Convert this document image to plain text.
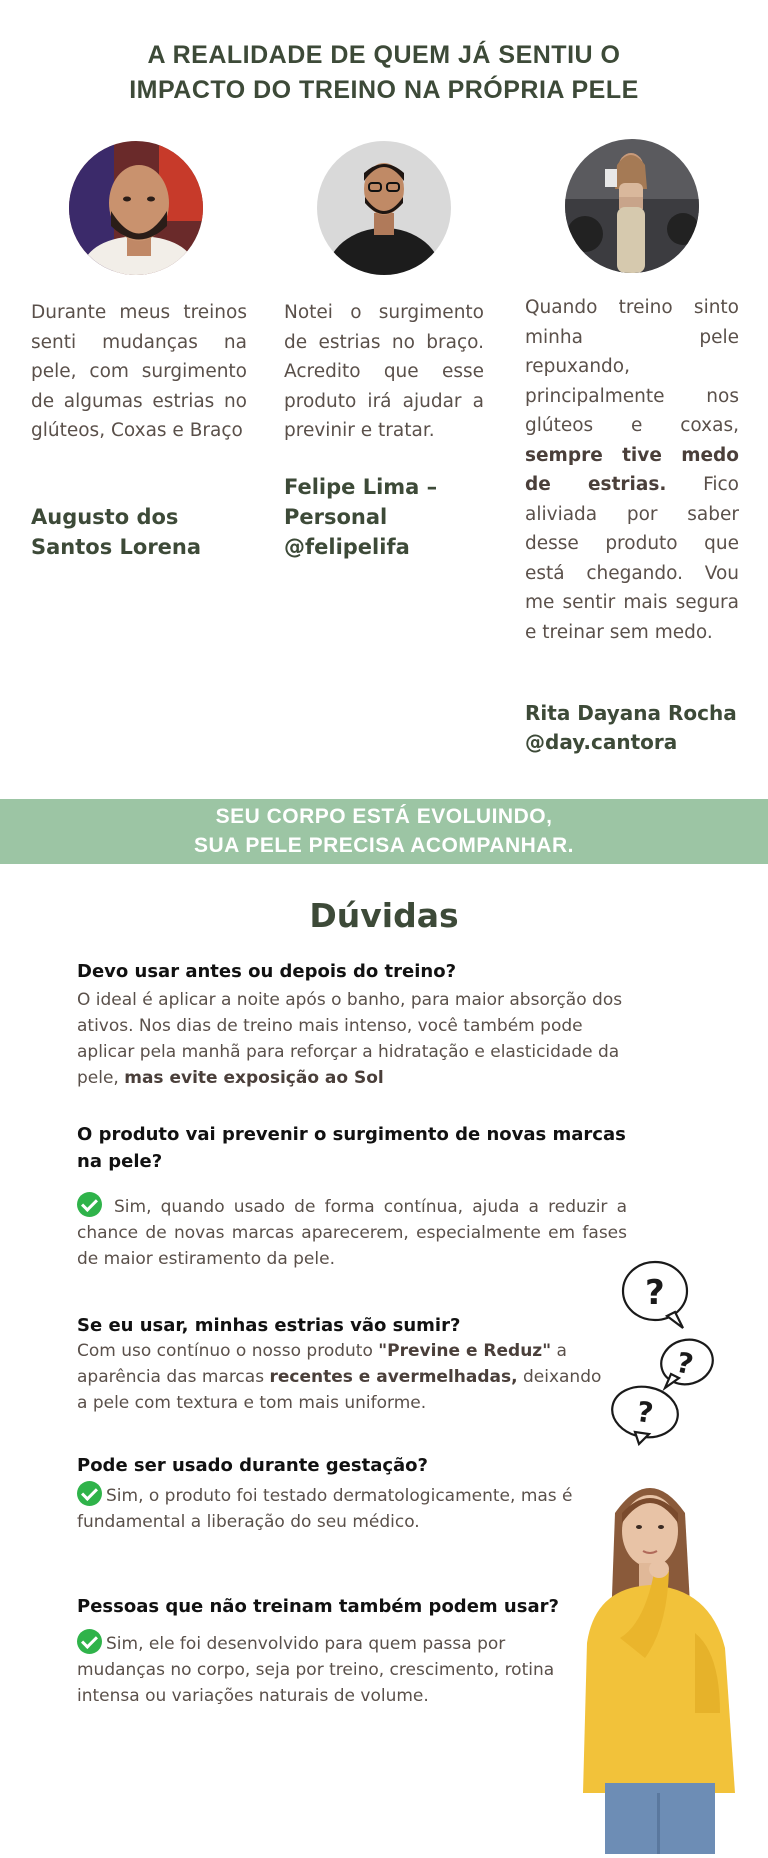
A REALIDADE DE QUEM JÁ SENTIU O
IMPACTO DO TREINO NA PRÓPRIA PELE
Durante meus treinos senti mudanças na pele, com surgimento de algumas estrias no glúteos, Coxas e Braço
Augusto dos
Santos Lorena
Notei o surgimento de estrias no braço. Acredito que esse produto irá ajudar a previnir e tratar.
Felipe Lima –
Personal
@felipelifa
Quando treino sinto minha pele repuxando, principalmente nos glúteos e coxas, sempre tive medo de estrias. Fico aliviada por saber desse produto que está chegando. Vou me sentir mais segura e treinar sem medo.
Rita Dayana Rocha
@day.cantora
SEU CORPO ESTÁ EVOLUINDO,
SUA PELE PRECISA ACOMPANHAR.
Dúvidas
Devo usar antes ou depois do treino?
O ideal é aplicar a noite após o banho, para maior absorção dos ativos. Nos dias de treino mais intenso, você também pode aplicar pela manhã para reforçar a hidratação e elasticidade da pele, mas evite exposição ao Sol
O produto vai prevenir o surgimento de novas marcas na pele?
Sim, quando usado de forma contínua, ajuda a reduzir a chance de novas marcas aparecerem, especialmente em fases de maior estiramento da pele.
Se eu usar, minhas estrias vão sumir?
Com uso contínuo o nosso produto "Previne e Reduz" a aparência das marcas recentes e avermelhadas, deixando a pele com textura e tom mais uniforme.
Pode ser usado durante gestação?
Sim, o produto foi testado dermatologicamente, mas é fundamental a liberação do seu médico.
Pessoas que não treinam também podem usar?
Sim, ele foi desenvolvido para quem passa por mudanças no corpo, seja por treino, crescimento, rotina intensa ou variações naturais de volume.
?
?
?
